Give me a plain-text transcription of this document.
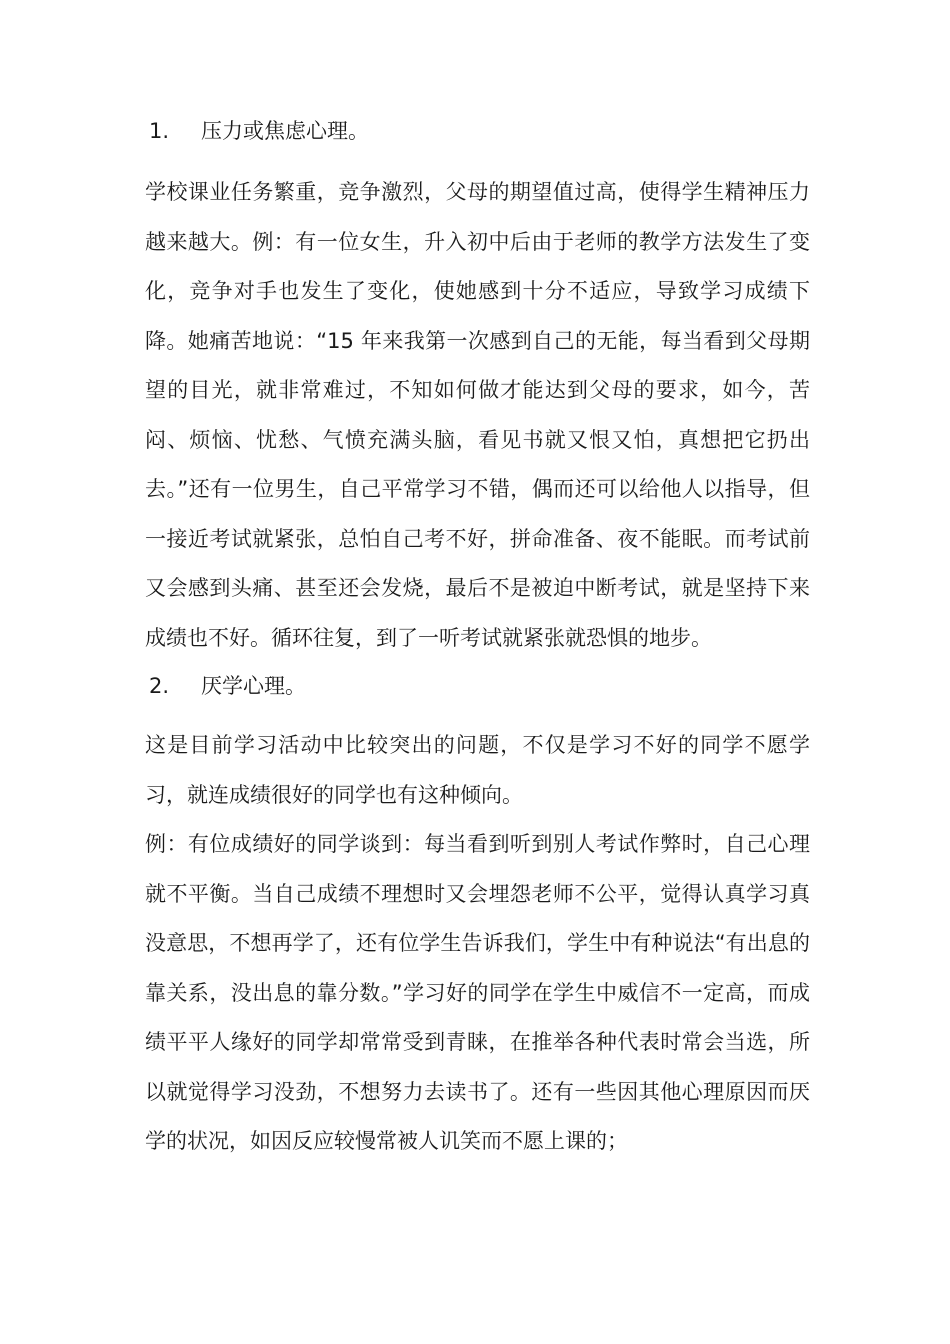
1.	压力或焦虑心理。

学校课业任务繁重，竞争激烈，父母的期望值过高，使得学生精神压力越来越大。例：有一位女生，升入初中后由于老师的教学方法发生了变化，竞争对手也发生了变化，使她感到十分不适应，导致学习成绩下降。她痛苦地说：“15 年来我第一次感到自己的无能，每当看到父母期望的目光，就非常难过，不知如何做才能达到父母的要求，如今，苦闷、烦恼、忧愁、气愤充满头脑，看见书就又恨又怕，真想把它扔出去。”还有一位男生，自己平常学习不错，偶而还可以给他人以指导，但一接近考试就紧张，总怕自己考不好，拼命准备、夜不能眠。而考试前又会感到头痛、甚至还会发烧，最后不是被迫中断考试，就是坚持下来成绩也不好。循环往复，到了一听考试就紧张就恐惧的地步。

2.	厌学心理。

这是目前学习活动中比较突出的问题，不仅是学习不好的同学不愿学习，就连成绩很好的同学也有这种倾向。

例：有位成绩好的同学谈到：每当看到听到别人考试作弊时，自己心理就不平衡。当自己成绩不理想时又会埋怨老师不公平，觉得认真学习真没意思，不想再学了，还有位学生告诉我们，学生中有种说法“有出息的靠关系，没出息的靠分数。”学习好的同学在学生中威信不一定高，而成绩平平人缘好的同学却常常受到青睐，在推举各种代表时常会当选，所以就觉得学习没劲，不想努力去读书了。还有一些因其他心理原因而厌学的状况，如因反应较慢常被人讥笑而不愿上课的；
